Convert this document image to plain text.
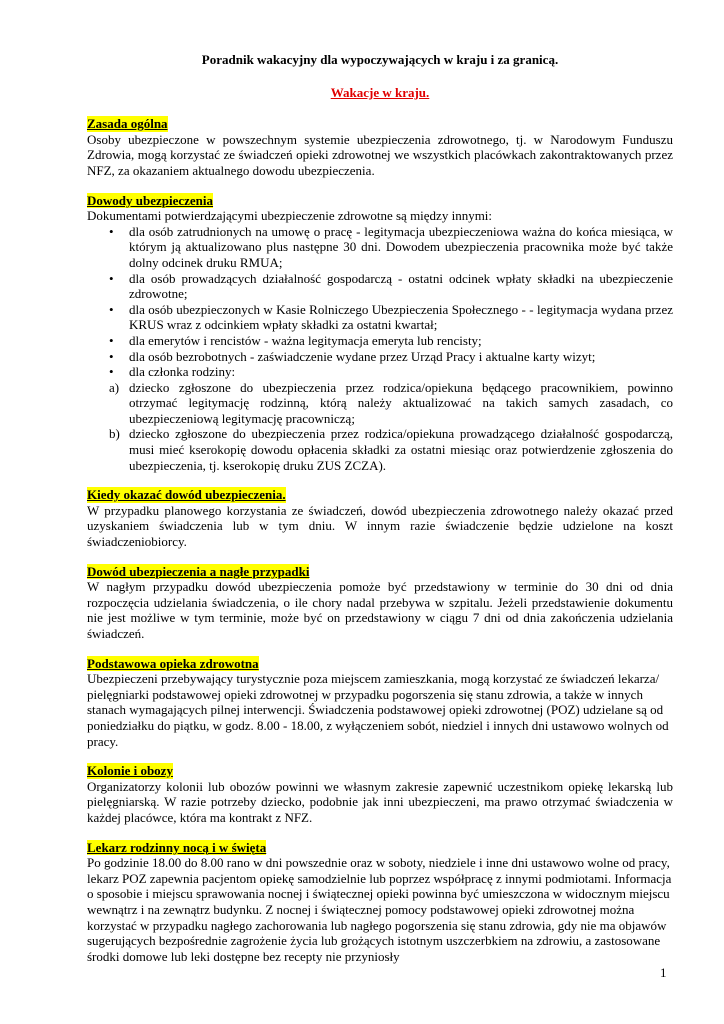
Poradnik wakacyjny dla wypoczywających w kraju i za granicą.

Wakacje w kraju.

Zasada ogólna

Osoby ubezpieczone w powszechnym systemie ubezpieczenia zdrowotnego, tj. w Narodowym Funduszu Zdrowia, mogą korzystać ze świadczeń opieki zdrowotnej we wszystkich placówkach zakontraktowanych przez NFZ, za okazaniem aktualnego dowodu ubezpieczenia.

Dowody ubezpieczenia

Dokumentami potwierdzającymi ubezpieczenie zdrowotne są między innymi:

• dla osób zatrudnionych na umowę o pracę - legitymacja ubezpieczeniowa ważna do końca miesiąca, w którym ją aktualizowano plus następne 30 dni. Dowodem ubezpieczenia pracownika może być także dolny odcinek druku RMUA;
• dla osób prowadzących działalność gospodarczą - ostatni odcinek wpłaty składki na ubezpieczenie zdrowotne;
• dla osób ubezpieczonych w Kasie Rolniczego Ubezpieczenia Społecznego - - legitymacja wydana przez KRUS wraz z odcinkiem wpłaty składki za ostatni kwartał;
• dla emerytów i rencistów - ważna legitymacja emeryta lub rencisty;
• dla osób bezrobotnych - zaświadczenie wydane przez Urząd Pracy i aktualne karty wizyt;
• dla członka rodziny:
a) dziecko zgłoszone do ubezpieczenia przez rodzica/opiekuna będącego pracownikiem, powinno otrzymać legitymację rodzinną, którą należy aktualizować na takich samych zasadach, co ubezpieczeniową legitymację pracowniczą;
b) dziecko zgłoszone do ubezpieczenia przez rodzica/opiekuna prowadzącego działalność gospodarczą, musi mieć kserokopię dowodu opłacenia składki za ostatni miesiąc oraz potwierdzenie zgłoszenia do ubezpieczenia, tj. kserokopię druku ZUS ZCZA).
Kiedy okazać dowód ubezpieczenia.

W przypadku planowego korzystania ze świadczeń, dowód ubezpieczenia zdrowotnego należy okazać przed uzyskaniem świadczenia lub w tym dniu. W innym razie świadczenie będzie udzielone na koszt świadczeniobiorcy.

Dowód ubezpieczenia a nagłe przypadki

W nagłym przypadku dowód ubezpieczenia pomoże być przedstawiony w terminie do 30 dni od dnia rozpoczęcia udzielania świadczenia, o ile chory nadal przebywa w szpitalu. Jeżeli przedstawienie dokumentu nie jest możliwe w tym terminie, może być on przedstawiony w ciągu 7 dni od dnia zakończenia udzielania świadczeń.

Podstawowa opieka zdrowotna

Ubezpieczeni przebywający turystycznie poza miejscem zamieszkania, mogą korzystać ze świadczeń lekarza/ pielęgniarki podstawowej opieki zdrowotnej w przypadku pogorszenia się stanu zdrowia, a także w innych stanach wymagających pilnej interwencji. Świadczenia podstawowej opieki zdrowotnej (POZ) udzielane są od poniedziałku do piątku, w godz. 8.00 - 18.00, z wyłączeniem sobót, niedziel i innych dni ustawowo wolnych od pracy.

Kolonie i obozy

Organizatorzy kolonii lub obozów powinni we własnym zakresie zapewnić uczestnikom opiekę lekarską lub pielęgniarską. W razie potrzeby dziecko, podobnie jak inni ubezpieczeni, ma prawo otrzymać świadczenia w każdej placówce, która ma kontrakt z NFZ.

Lekarz rodzinny nocą i w święta

Po godzinie 18.00 do 8.00 rano w dni powszednie oraz w soboty, niedziele i inne dni ustawowo wolne od pracy, lekarz POZ zapewnia pacjentom opiekę samodzielnie lub poprzez współpracę z innymi podmiotami. Informacja o sposobie i miejscu sprawowania nocnej i świątecznej opieki powinna być umieszczona w widocznym miejscu wewnątrz i na zewnątrz budynku. Z nocnej i świątecznej pomocy podstawowej opieki zdrowotnej można korzystać w przypadku nagłego zachorowania lub nagłego pogorszenia się stanu zdrowia, gdy nie ma objawów sugerujących bezpośrednie zagrożenie życia lub grożących istotnym uszczerbkiem na zdrowiu, a zastosowane środki domowe lub leki dostępne bez recepty nie przyniosły

1
